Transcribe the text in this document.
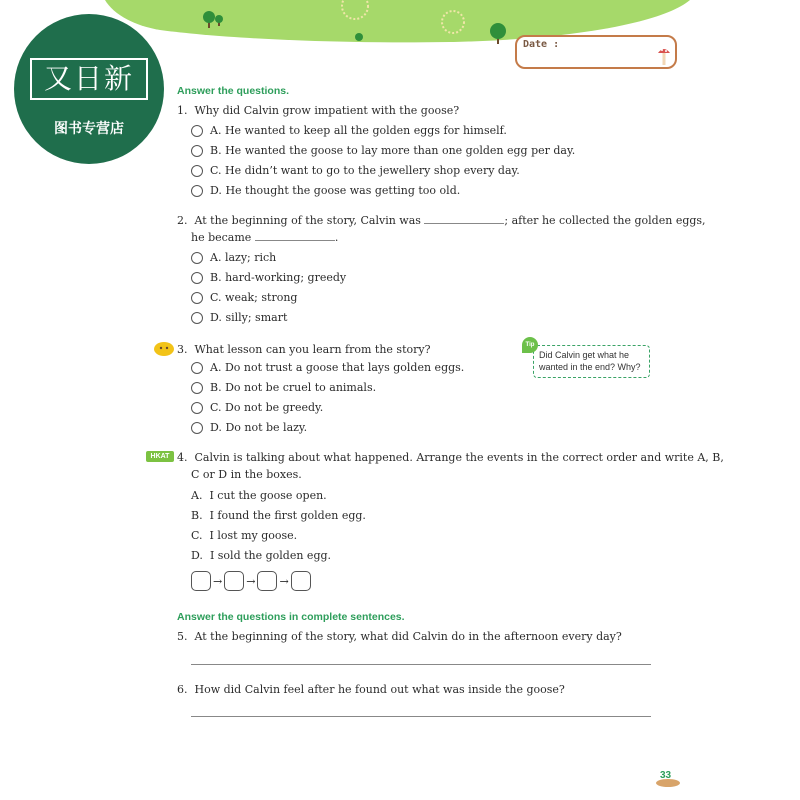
又日新
图书专营店
Date :
Answer the questions.
1. Why did Calvin grow impatient with the goose?
A.
He wanted to keep all the golden eggs for himself.
B.
He wanted the goose to lay more than one golden egg per day.
C.
He didn’t want to go to the jewellery shop every day.
D.
He thought the goose was getting too old.
2. At the beginning of the story, Calvin was	; after he collected the golden eggs,
he became	.
A.
lazy; rich
B.
hard-working; greedy
C.
weak; strong
D.
silly; smart
3. What lesson can you learn from the story?
A.
Do not trust a goose that lays golden eggs.
B.
Do not be cruel to animals.
C.
Do not be greedy.
D.
Do not be lazy.
Did Calvin get what he wanted in the end? Why?
Tip
HKAT 4. Calvin is talking about what happened. Arrange the events in the correct order and write A, B,
C or D in the boxes.
A. I cut the goose open.
B. I found the first golden egg.
C. I lost my goose.
D. I sold the golden egg.
→ → →
Answer the questions in complete sentences.
5. At the beginning of the story, what did Calvin do in the afternoon every day?
6. How did Calvin feel after he found out what was inside the goose?
33
